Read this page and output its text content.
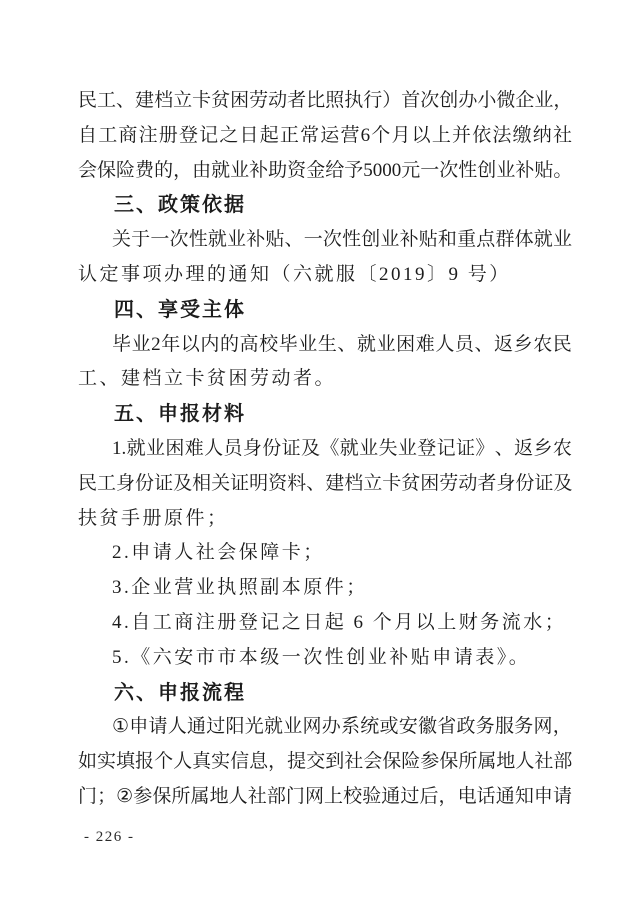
民 工 、 建 档 立 卡 贫 困 劳 动 者 比 照 执 行 ） 首 次 创 办 小 微 企 业 ，
自 工 商 注 册 登 记 之 日 起 正 常 运 营 6 个 月 以 上 并 依 法 缴 纳 社
会 保 险 费 的 ， 由 就 业 补 助 资 金 给 予 5000 元 一 次 性 创 业 补 贴 。
三、政策依据
关 于 一 次 性 就 业 补 贴 、 一 次 性 创 业 补 贴 和 重 点 群 体 就 业
认定事项办理的通知（六就服〔2019〕9 号）
四、享受主体
毕 业 2 年 以 内 的 高 校 毕 业 生 、 就 业 困 难 人 员 、 返 乡 农 民
工、建档立卡贫困劳动者。
五、申报材料
1. 就 业 困 难 人 员 身 份 证 及 《 就 业 失 业 登 记 证 》 、 返 乡 农
民 工 身 份 证 及 相 关 证 明 资 料 、 建 档 立 卡 贫 困 劳 动 者 身 份 证 及
扶贫手册原件；
2.申请人社会保障卡；
3.企业营业执照副本原件；
4.自工商注册登记之日起 6 个月以上财务流水；
5.《六安市市本级一次性创业补贴申请表》。
六、申报流程
① 申 请 人 通 过 阳 光 就 业 网 办 系 统 或 安 徽 省 政 务 服 务 网 ，
如 实 填 报 个 人 真 实 信 息 ， 提 交 到 社 会 保 险 参 保 所 属 地 人 社 部
门 ； ② 参 保 所 属 地 人 社 部 门 网 上 校 验 通 过 后 ， 电 话 通 知 申 请
- 226 -
